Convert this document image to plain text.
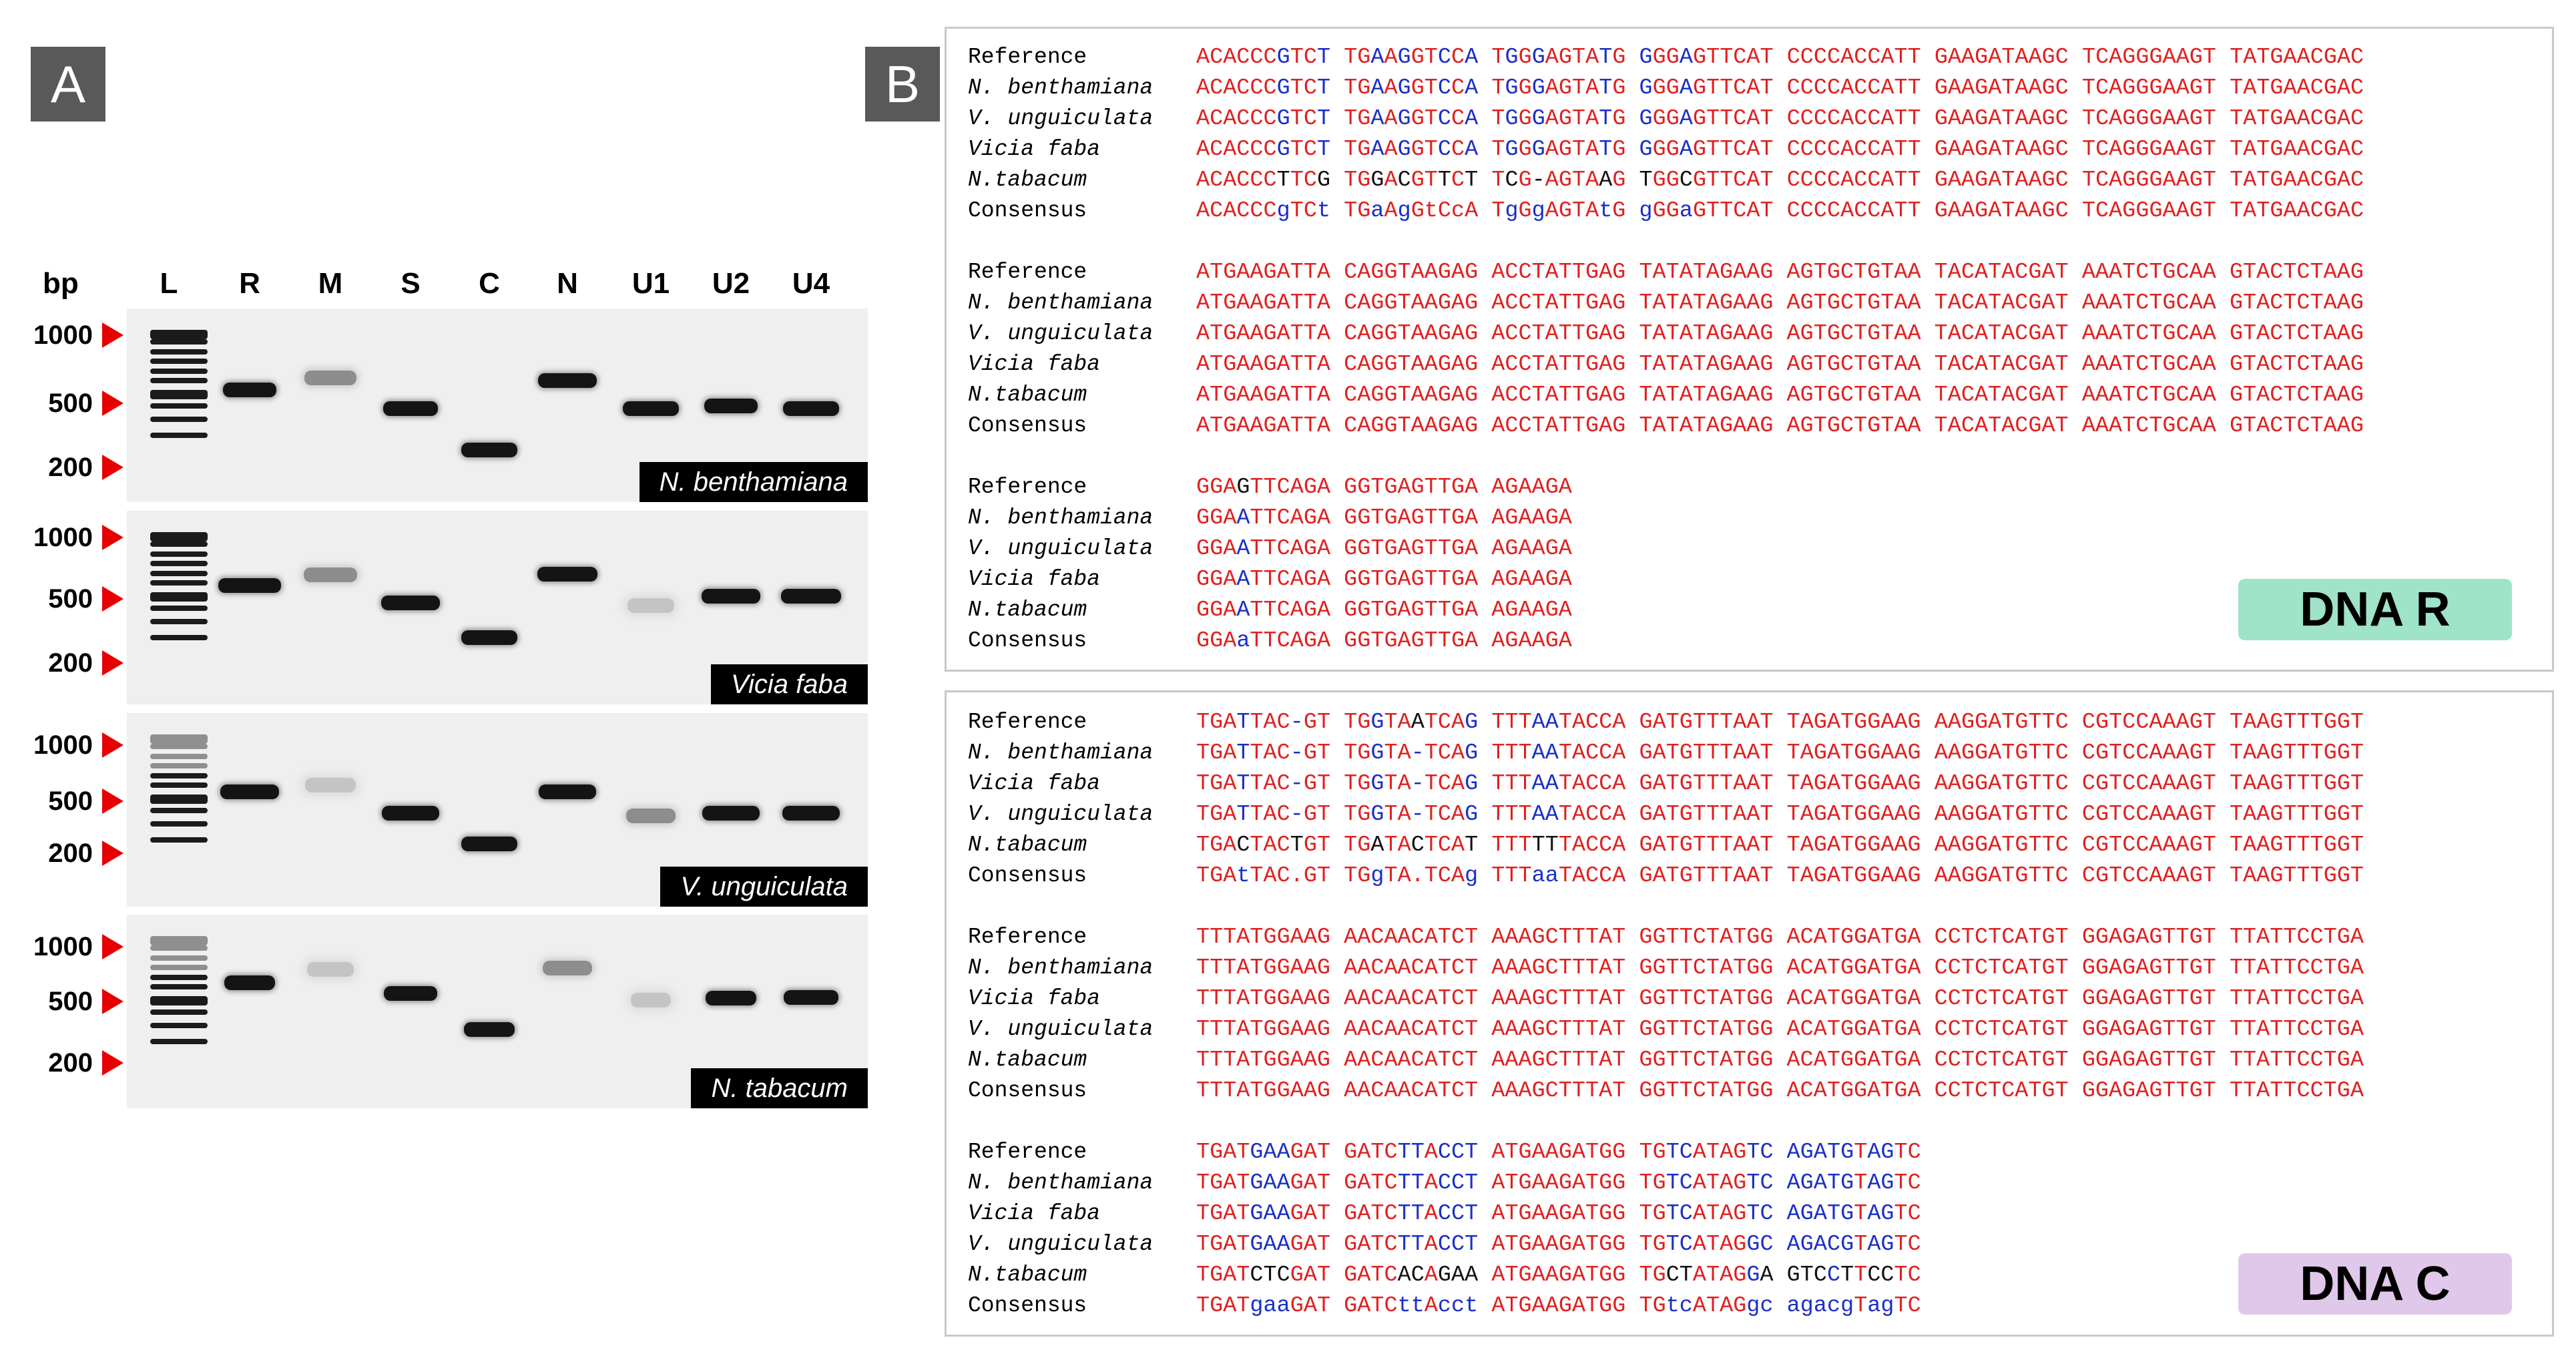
A
bp	L	R	M	S	C	N	U1	U2	U4
N. benthamiana
Vicia faba
V. unguiculata
N. tabacum
1000
500
200
1000
500
200
1000
500
200
1000
500
200
B
DNA R
Reference	ACACCCGTCT TGAAGGTCCA TGGGAGTATG GGGAGTTCAT CCCCACCATT GAAGATAAGC TCAGGGAAGT TATGAACGAC
N. benthamiana	ACACCCGTCT TGAAGGTCCA TGGGAGTATG GGGAGTTCAT CCCCACCATT GAAGATAAGC TCAGGGAAGT TATGAACGAC
V. unguiculata	ACACCCGTCT TGAAGGTCCA TGGGAGTATG GGGAGTTCAT CCCCACCATT GAAGATAAGC TCAGGGAAGT TATGAACGAC
Vicia faba	ACACCCGTCT TGAAGGTCCA TGGGAGTATG GGGAGTTCAT CCCCACCATT GAAGATAAGC TCAGGGAAGT TATGAACGAC
N.tabacum	ACACCCTTCG TGGACGTTCT TCG-AGTAAG TGGCGTTCAT CCCCACCATT GAAGATAAGC TCAGGGAAGT TATGAACGAC
Consensus	ACACCCgTCt TGaAgGtCcA TgGgAGTAtG gGGaGTTCAT CCCCACCATT GAAGATAAGC TCAGGGAAGT TATGAACGAC
Reference	ATGAAGATTA CAGGTAAGAG ACCTATTGAG TATATAGAAG AGTGCTGTAA TACATACGAT AAATCTGCAA GTACTCTAAG
N. benthamiana	ATGAAGATTA CAGGTAAGAG ACCTATTGAG TATATAGAAG AGTGCTGTAA TACATACGAT AAATCTGCAA GTACTCTAAG
V. unguiculata	ATGAAGATTA CAGGTAAGAG ACCTATTGAG TATATAGAAG AGTGCTGTAA TACATACGAT AAATCTGCAA GTACTCTAAG
Vicia faba	ATGAAGATTA CAGGTAAGAG ACCTATTGAG TATATAGAAG AGTGCTGTAA TACATACGAT AAATCTGCAA GTACTCTAAG
N.tabacum	ATGAAGATTA CAGGTAAGAG ACCTATTGAG TATATAGAAG AGTGCTGTAA TACATACGAT AAATCTGCAA GTACTCTAAG
Consensus	ATGAAGATTA CAGGTAAGAG ACCTATTGAG TATATAGAAG AGTGCTGTAA TACATACGAT AAATCTGCAA GTACTCTAAG
Reference	GGAGTTCAGA GGTGAGTTGA AGAAGA
N. benthamiana	GGAATTCAGA GGTGAGTTGA AGAAGA
V. unguiculata	GGAATTCAGA GGTGAGTTGA AGAAGA
Vicia faba	GGAATTCAGA GGTGAGTTGA AGAAGA
N.tabacum	GGAATTCAGA GGTGAGTTGA AGAAGA
Consensus	GGAaTTCAGA GGTGAGTTGA AGAAGA
DNA C
Reference	TGATTAC-GT TGGTAATCAG TTTAATACCA GATGTTTAAT TAGATGGAAG AAGGATGTTC CGTCCAAAGT TAAGTTTGGT
N. benthamiana	TGATTAC-GT TGGTA-TCAG TTTAATACCA GATGTTTAAT TAGATGGAAG AAGGATGTTC CGTCCAAAGT TAAGTTTGGT
Vicia faba	TGATTAC-GT TGGTA-TCAG TTTAATACCA GATGTTTAAT TAGATGGAAG AAGGATGTTC CGTCCAAAGT TAAGTTTGGT
V. unguiculata	TGATTAC-GT TGGTA-TCAG TTTAATACCA GATGTTTAAT TAGATGGAAG AAGGATGTTC CGTCCAAAGT TAAGTTTGGT
N.tabacum	TGACTACTGT TGATACTCAT TTTTTTACCA GATGTTTAAT TAGATGGAAG AAGGATGTTC CGTCCAAAGT TAAGTTTGGT
Consensus	TGAtTAC.GT TGgTA.TCAg TTTaaTACCA GATGTTTAAT TAGATGGAAG AAGGATGTTC CGTCCAAAGT TAAGTTTGGT
Reference	TTTATGGAAG AACAACATCT AAAGCTTTAT GGTTCTATGG ACATGGATGA CCTCTCATGT GGAGAGTTGT TTATTCCTGA
N. benthamiana	TTTATGGAAG AACAACATCT AAAGCTTTAT GGTTCTATGG ACATGGATGA CCTCTCATGT GGAGAGTTGT TTATTCCTGA
Vicia faba	TTTATGGAAG AACAACATCT AAAGCTTTAT GGTTCTATGG ACATGGATGA CCTCTCATGT GGAGAGTTGT TTATTCCTGA
V. unguiculata	TTTATGGAAG AACAACATCT AAAGCTTTAT GGTTCTATGG ACATGGATGA CCTCTCATGT GGAGAGTTGT TTATTCCTGA
N.tabacum	TTTATGGAAG AACAACATCT AAAGCTTTAT GGTTCTATGG ACATGGATGA CCTCTCATGT GGAGAGTTGT TTATTCCTGA
Consensus	TTTATGGAAG AACAACATCT AAAGCTTTAT GGTTCTATGG ACATGGATGA CCTCTCATGT GGAGAGTTGT TTATTCCTGA
Reference	TGATGAAGAT GATCTTACCT ATGAAGATGG TGTCATAGTC AGATGTAGTC
N. benthamiana	TGATGAAGAT GATCTTACCT ATGAAGATGG TGTCATAGTC AGATGTAGTC
Vicia faba	TGATGAAGAT GATCTTACCT ATGAAGATGG TGTCATAGTC AGATGTAGTC
V. unguiculata	TGATGAAGAT GATCTTACCT ATGAAGATGG TGTCATAGGC AGACGTAGTC
N.tabacum	TGATCTCGAT GATCACAGAA ATGAAGATGG TGCTATAGGA GTCCTTCCTC
Consensus	TGATgaaGAT GATCttAcct ATGAAGATGG TGtcATAGgc agacgTagTC
